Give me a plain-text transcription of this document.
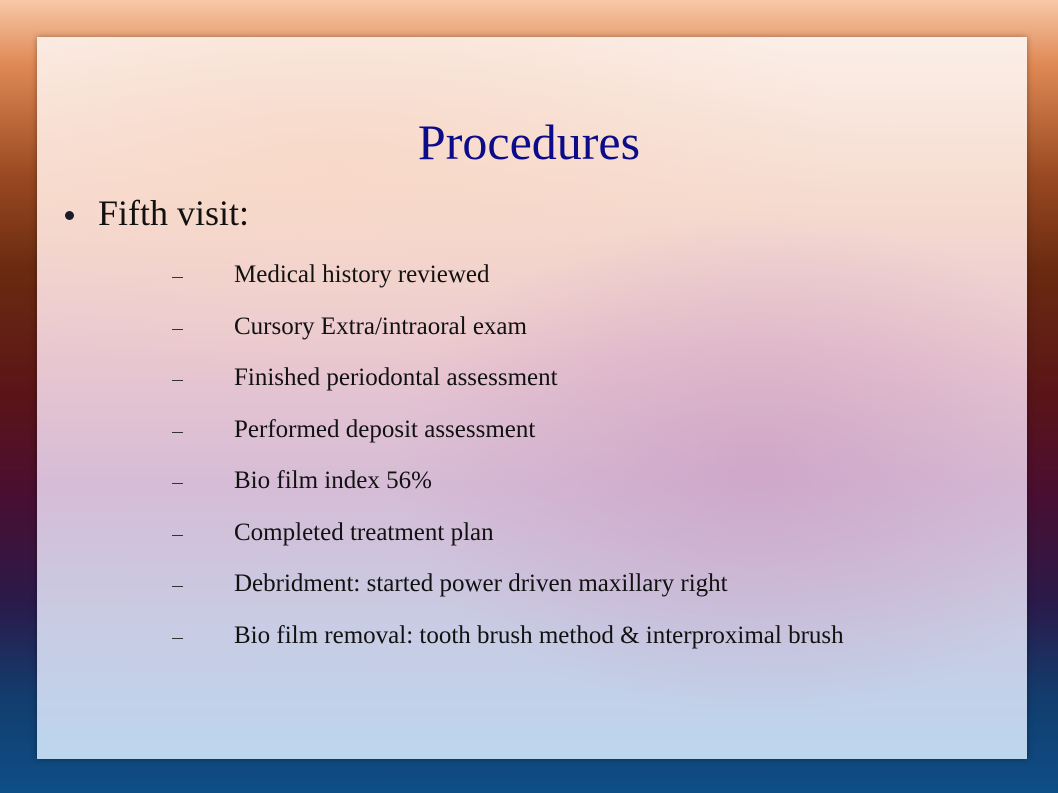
Procedures
Fifth visit:
Medical history reviewed
Cursory Extra/intraoral exam
Finished periodontal assessment
Performed deposit assessment
Bio film index 56%
Completed treatment plan
Debridment: started power driven maxillary right
Bio film removal: tooth brush method & interproximal brush
